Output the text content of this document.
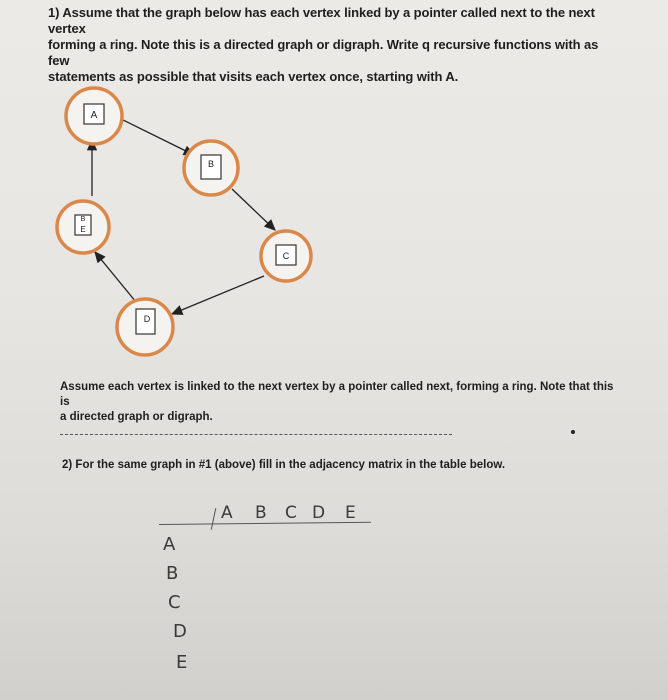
1) Assume that the graph below has each vertex linked by a pointer called next to the next vertex
forming a ring. Note this is a directed graph or digraph. Write q recursive functions with as few
statements as possible that visits each vertex once, starting with A.

A
B
C
D
B
E

Assume each vertex is linked to the next vertex by a pointer called next, forming a ring. Note that this is
a directed graph or digraph.

2) For the same graph in #1 (above) fill in the adjacency matrix in the table below.

A B C D E
A
B
C
D
E
